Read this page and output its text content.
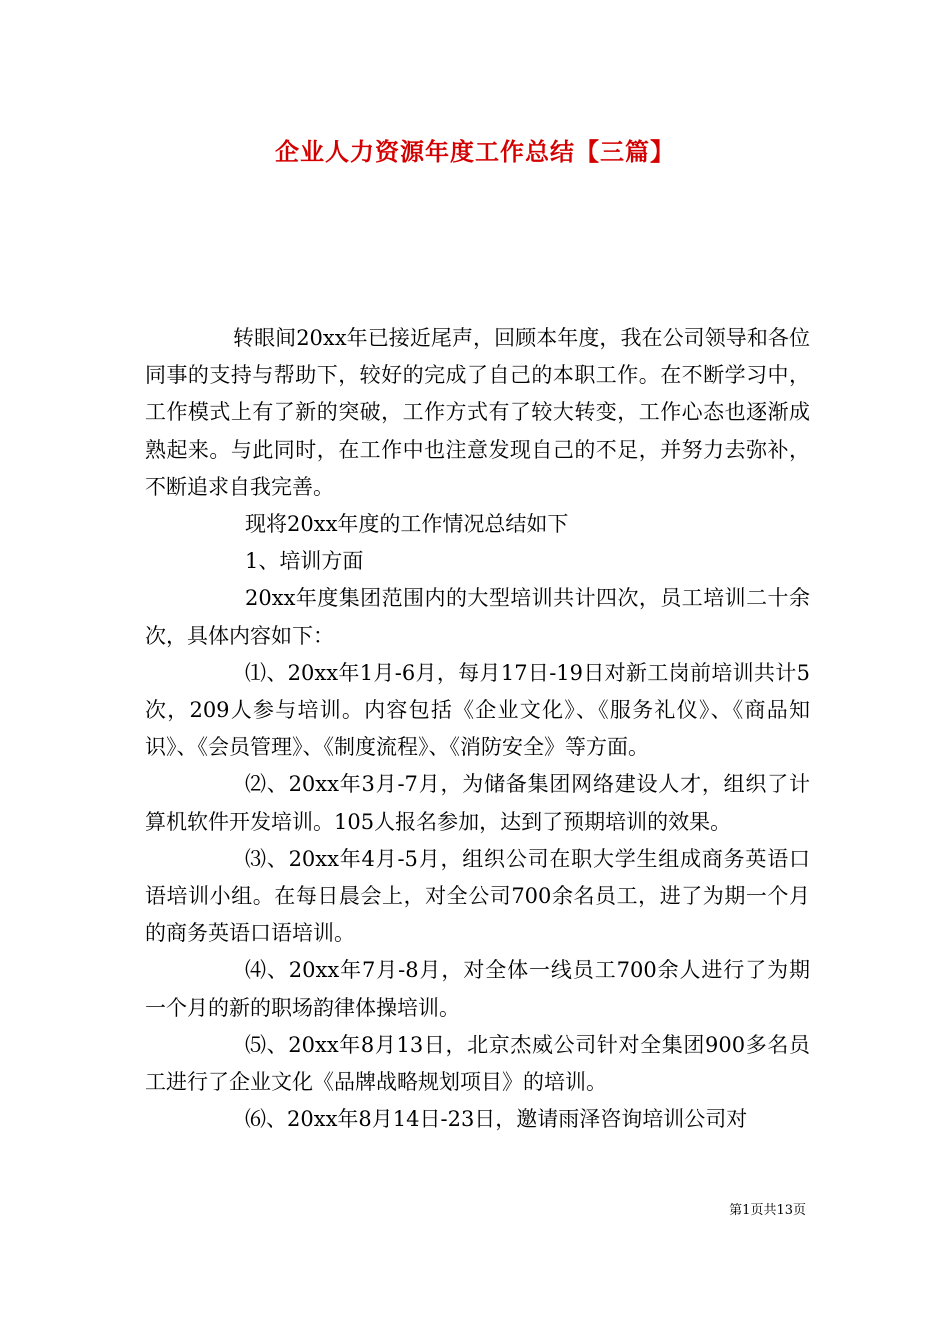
企业人力资源年度工作总结【三篇】

转眼间20xx年已接近尾声，回顾本年度，我在公司领导和各位同事的支持与帮助下，较好的完成了自己的本职工作。在不断学习中，工作模式上有了新的突破，工作方式有了较大转变，工作心态也逐渐成熟起来。与此同时，在工作中也注意发现自己的不足，并努力去弥补，不断追求自我完善。

现将20xx年度的工作情况总结如下

1、培训方面

20xx年度集团范围内的大型培训共计四次，员工培训二十余次，具体内容如下：

⑴、20xx年1月-6月，每月17日-19日对新工岗前培训共计5次，209人参与培训。内容包括《企业文化》、《服务礼仪》、《商品知识》、《会员管理》、《制度流程》、《消防安全》等方面。

⑵、20xx年3月-7月，为储备集团网络建设人才，组织了计算机软件开发培训。105人报名参加，达到了预期培训的效果。

⑶、20xx年4月-5月，组织公司在职大学生组成商务英语口语培训小组。在每日晨会上，对全公司700余名员工，进了为期一个月的商务英语口语培训。

⑷、20xx年7月-8月，对全体一线员工700余人进行了为期一个月的新的职场韵律体操培训。

⑸、20xx年8月13日，北京杰威公司针对全集团900多名员工进行了企业文化《品牌战略规划项目》的培训。

⑹、20xx年8月14日-23日，邀请雨泽咨询培训公司对

第1页共13页
